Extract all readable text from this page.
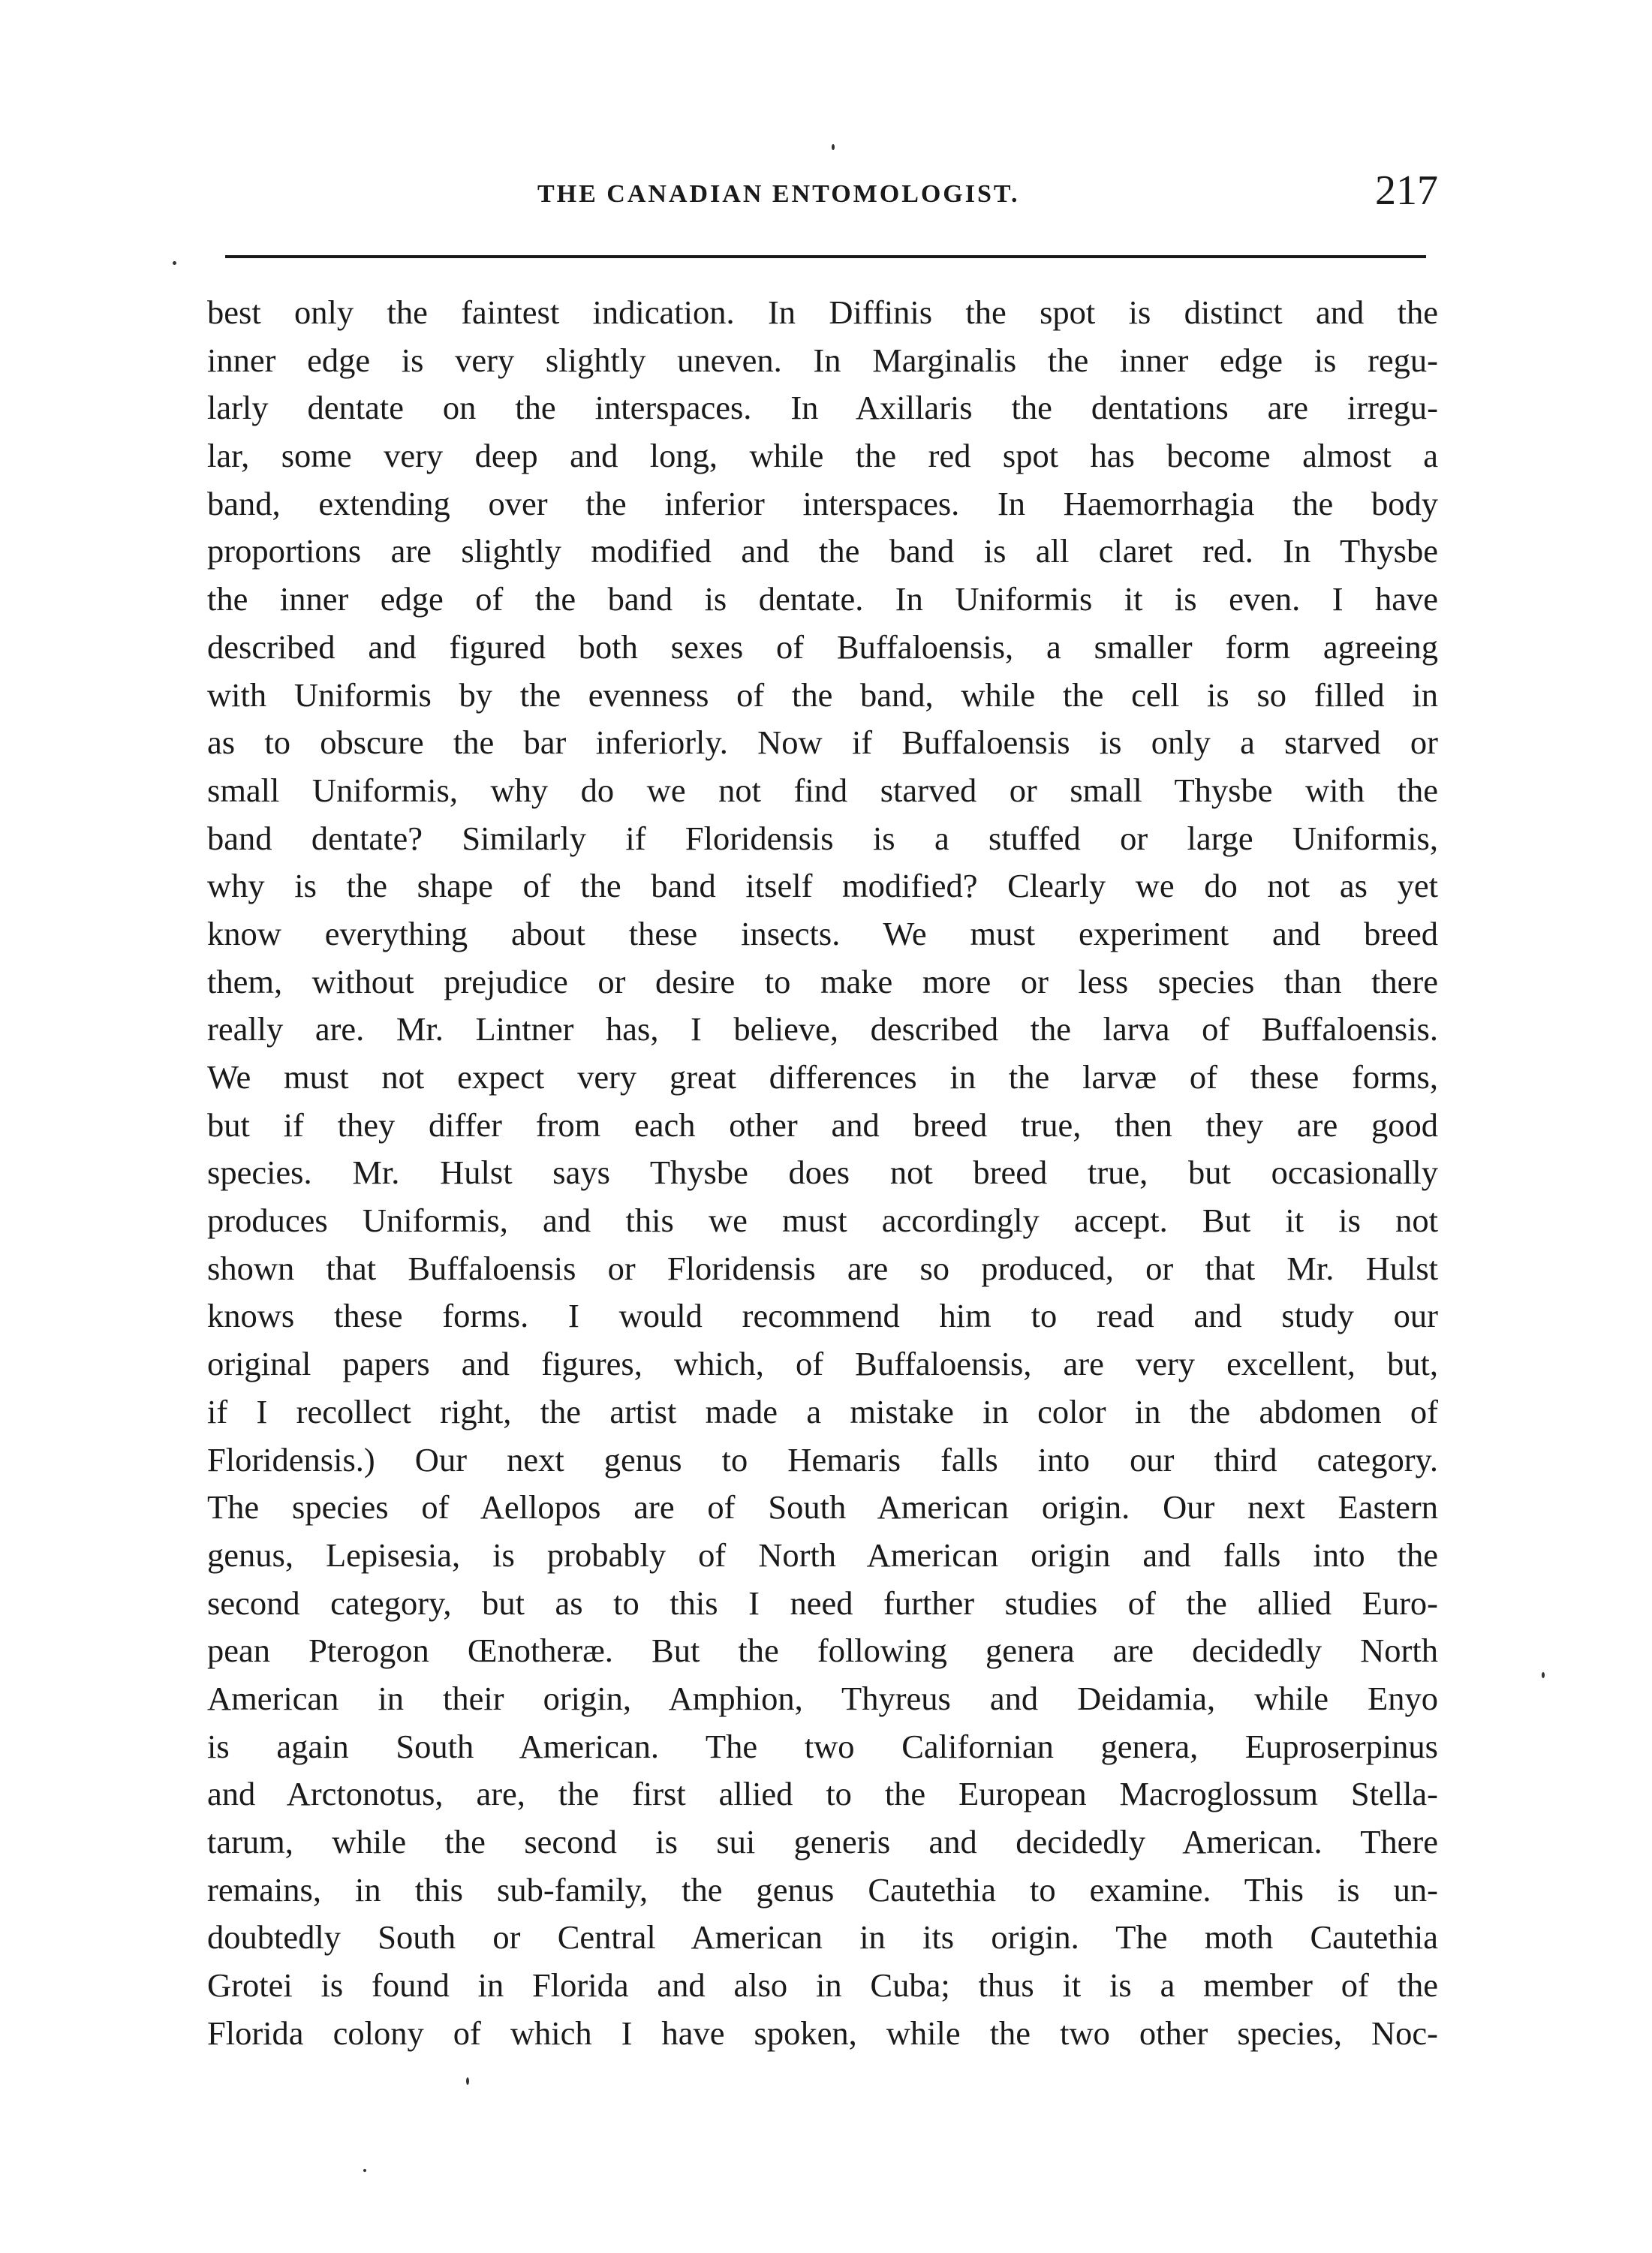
THE CANADIAN ENTOMOLOGIST.	217
best only the faintest indication. In Diffinis the spot is distinct and the
inner edge is very slightly uneven. In Marginalis the inner edge is regu-
larly dentate on the interspaces. In Axillaris the dentations are irregu-
lar, some very deep and long, while the red spot has become almost a
band, extending over the inferior interspaces. In Haemorrhagia the body
proportions are slightly modified and the band is all claret red. In Thysbe
the inner edge of the band is dentate. In Uniformis it is even. I have
described and figured both sexes of Buffaloensis, a smaller form agreeing
with Uniformis by the evenness of the band, while the cell is so filled in
as to obscure the bar inferiorly. Now if Buffaloensis is only a starved or
small Uniformis, why do we not find starved or small Thysbe with the
band dentate? Similarly if Floridensis is a stuffed or large Uniformis,
why is the shape of the band itself modified? Clearly we do not as yet
know everything about these insects. We must experiment and breed
them, without prejudice or desire to make more or less species than there
really are. Mr. Lintner has, I believe, described the larva of Buffaloensis.
We must not expect very great differences in the larvæ of these forms,
but if they differ from each other and breed true, then they are good
species. Mr. Hulst says Thysbe does not breed true, but occasionally
produces Uniformis, and this we must accordingly accept. But it is not
shown that Buffaloensis or Floridensis are so produced, or that Mr. Hulst
knows these forms. I would recommend him to read and study our
original papers and figures, which, of Buffaloensis, are very excellent, but,
if I recollect right, the artist made a mistake in color in the abdomen of
Floridensis.) Our next genus to Hemaris falls into our third category.
The species of Aellopos are of South American origin. Our next Eastern
genus, Lepisesia, is probably of North American origin and falls into the
second category, but as to this I need further studies of the allied Euro-
pean Pterogon Œnotheræ. But the following genera are decidedly North
American in their origin, Amphion, Thyreus and Deidamia, while Enyo
is again South American. The two Californian genera, Euproserpinus
and Arctonotus, are, the first allied to the European Macroglossum Stella-
tarum, while the second is sui generis and decidedly American. There
remains, in this sub-family, the genus Cautethia to examine. This is un-
doubtedly South or Central American in its origin. The moth Cautethia
Grotei is found in Florida and also in Cuba; thus it is a member of the
Florida colony of which I have spoken, while the two other species, Noc-
